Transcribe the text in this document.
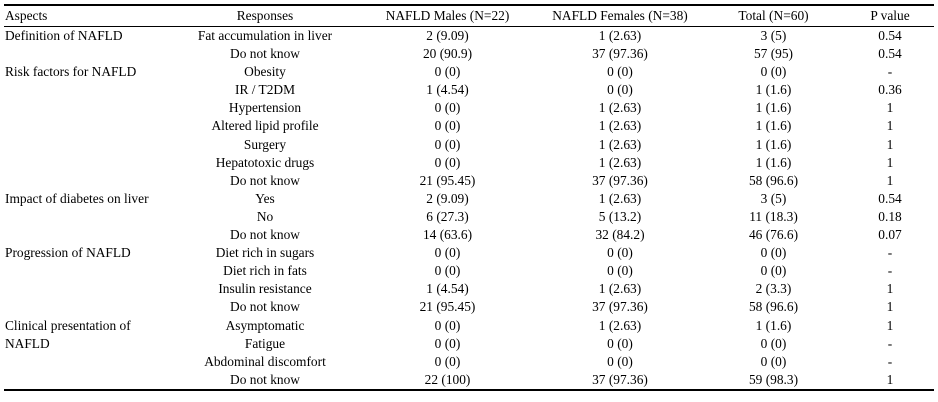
Aspects	Responses	NAFLD Males (N=22)	NAFLD Females (N=38)	Total (N=60)	P value
Definition of NAFLD	Fat accumulation in liver	2 (9.09)	1 (2.63)	3 (5)	0.54
	Do not know	20 (90.9)	37 (97.36)	57 (95)	0.54
Risk factors for NAFLD	Obesity	0 (0)	0 (0)	0 (0)	-
	IR / T2DM	1 (4.54)	0 (0)	1 (1.6)	0.36
	Hypertension	0 (0)	1 (2.63)	1 (1.6)	1
	Altered lipid profile	0 (0)	1 (2.63)	1 (1.6)	1
	Surgery	0 (0)	1 (2.63)	1 (1.6)	1
	Hepatotoxic drugs	0 (0)	1 (2.63)	1 (1.6)	1
	Do not know	21 (95.45)	37 (97.36)	58 (96.6)	1
Impact of diabetes on liver	Yes	2 (9.09)	1 (2.63)	3 (5)	0.54
	No	6 (27.3)	5 (13.2)	11 (18.3)	0.18
	Do not know	14 (63.6)	32 (84.2)	46 (76.6)	0.07
Progression of NAFLD	Diet rich in sugars	0 (0)	0 (0)	0 (0)	-
	Diet rich in fats	0 (0)	0 (0)	0 (0)	-
	Insulin resistance	1 (4.54)	1 (2.63)	2 (3.3)	1
	Do not know	21 (95.45)	37 (97.36)	58 (96.6)	1
Clinical presentation of NAFLD	Asymptomatic	0 (0)	1 (2.63)	1 (1.6)	1
	Fatigue	0 (0)	0 (0)	0 (0)	-
	Abdominal discomfort	0 (0)	0 (0)	0 (0)	-
	Do not know	22 (100)	37 (97.36)	59 (98.3)	1
